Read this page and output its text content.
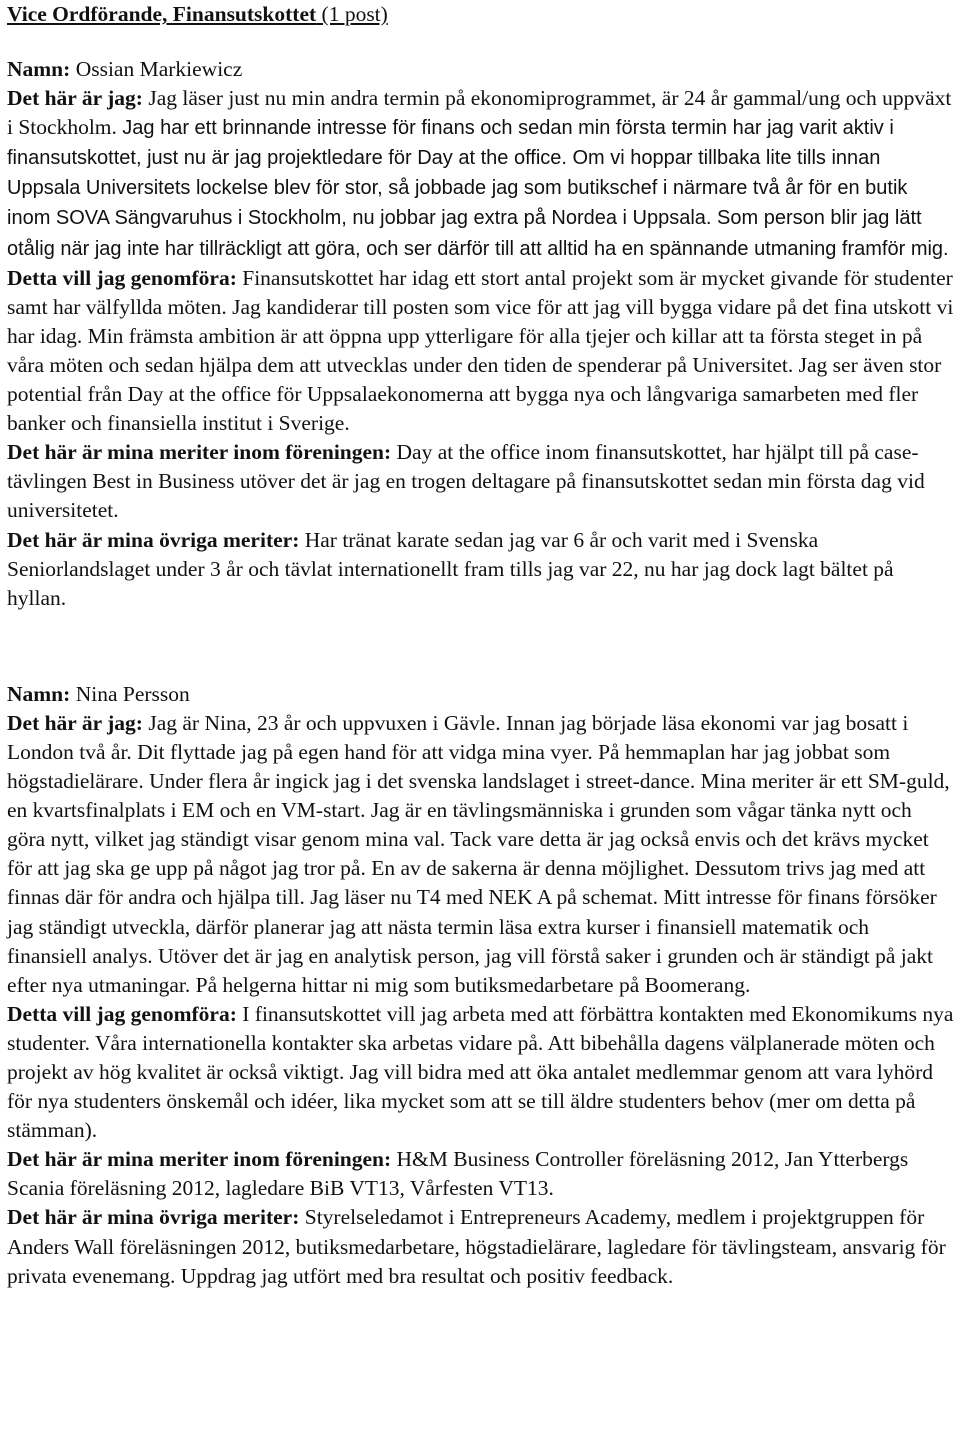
Vice Ordförande, Finansutskottet (1 post)

Namn: Ossian Markiewicz

Det här är jag: Jag läser just nu min andra termin på ekonomiprogrammet, är 24 år gammal/ung och uppväxt i Stockholm. Jag har ett brinnande intresse för finans och sedan min första termin har jag varit aktiv i finansutskottet, just nu är jag projektledare för Day at the office. Om vi hoppar tillbaka lite tills innan Uppsala Universitets lockelse blev för stor, så jobbade jag som butikschef i närmare två år för en butik inom SOVA Sängvaruhus i Stockholm, nu jobbar jag extra på Nordea i Uppsala. Som person blir jag lätt otålig när jag inte har tillräckligt att göra, och ser därför till att alltid ha en spännande utmaning framför mig.

Detta vill jag genomföra: Finansutskottet har idag ett stort antal projekt som är mycket givande för studenter samt har välfyllda möten. Jag kandiderar till posten som vice för att jag vill bygga vidare på det fina utskott vi har idag. Min främsta ambition är att öppna upp ytterligare för alla tjejer och killar att ta första steget in på våra möten och sedan hjälpa dem att utvecklas under den tiden de spenderar på Universitet. Jag ser även stor potential från Day at the office för Uppsalaekonomerna att bygga nya och långvariga samarbeten med fler banker och finansiella institut i Sverige.

Det här är mina meriter inom föreningen: Day at the office inom finansutskottet, har hjälpt till på case-tävlingen Best in Business utöver det är jag en trogen deltagare på finansutskottet sedan min första dag vid universitetet.

Det här är mina övriga meriter: Har tränat karate sedan jag var 6 år och varit med i Svenska Seniorlandslaget under 3 år och tävlat internationellt fram tills jag var 22, nu har jag dock lagt bältet på hyllan.

Namn: Nina Persson

Det här är jag: Jag är Nina, 23 år och uppvuxen i Gävle. Innan jag började läsa ekonomi var jag bosatt i London två år. Dit flyttade jag på egen hand för att vidga mina vyer. På hemmaplan har jag jobbat som högstadielärare. Under flera år ingick jag i det svenska landslaget i street-dance. Mina meriter är ett SM-guld, en kvartsfinalplats i EM och en VM-start. Jag är en tävlingsmänniska i grunden som vågar tänka nytt och göra nytt, vilket jag ständigt visar genom mina val. Tack vare detta är jag också envis och det krävs mycket för att jag ska ge upp på något jag tror på. En av de sakerna är denna möjlighet. Dessutom trivs jag med att finnas där för andra och hjälpa till. Jag läser nu T4 med NEK A på schemat. Mitt intresse för finans försöker jag ständigt utveckla, därför planerar jag att nästa termin läsa extra kurser i finansiell matematik och finansiell analys. Utöver det är jag en analytisk person, jag vill förstå saker i grunden och är ständigt på jakt efter nya utmaningar. På helgerna hittar ni mig som butiksmedarbetare på Boomerang.

Detta vill jag genomföra: I finansutskottet vill jag arbeta med att förbättra kontakten med Ekonomikums nya studenter. Våra internationella kontakter ska arbetas vidare på. Att bibehålla dagens välplanerade möten och projekt av hög kvalitet är också viktigt. Jag vill bidra med att öka antalet medlemmar genom att vara lyhörd för nya studenters önskemål och idéer, lika mycket som att se till äldre studenters behov (mer om detta på stämman).

Det här är mina meriter inom föreningen: H&M Business Controller föreläsning 2012, Jan Ytterbergs Scania föreläsning 2012, lagledare BiB VT13, Vårfesten VT13.

Det här är mina övriga meriter: Styrelseledamot i Entrepreneurs Academy, medlem i projektgruppen för Anders Wall föreläsningen 2012, butiksmedarbetare, högstadielärare, lagledare för tävlingsteam, ansvarig för privata evenemang. Uppdrag jag utfört med bra resultat och positiv feedback.
